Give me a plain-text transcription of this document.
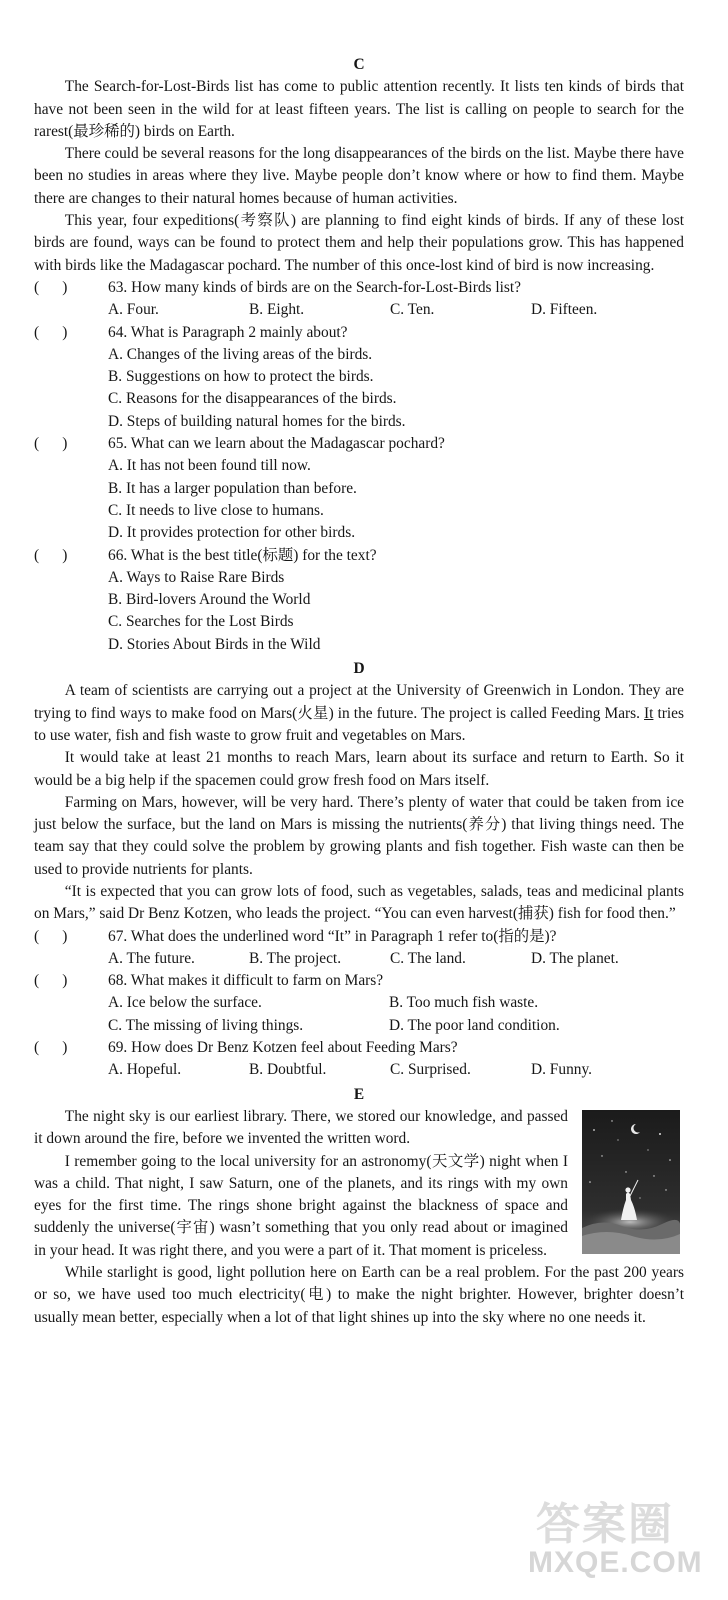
C

The Search-for-Lost-Birds list has come to public attention recently. It lists ten kinds of birds that have not been seen in the wild for at least fifteen years. The list is calling on people to search for the rarest(最珍稀的) birds on Earth.

There could be several reasons for the long disappearances of the birds on the list. Maybe there have been no studies in areas where they live. Maybe people don’t know where or how to find them. Maybe there are changes to their natural homes because of human activities.

This year, four expeditions(考察队) are planning to find eight kinds of birds. If any of these lost birds are found, ways can be found to protect them and help their populations grow. This has happened with birds like the Madagascar pochard. The number of this once-lost kind of bird is now increasing.

(      )	63. How many kinds of birds are on the Search-for-Lost-Birds list?
A. Four.	B. Eight.	C. Ten.	D. Fifteen.
(      )	64. What is Paragraph 2 mainly about?
A. Changes of the living areas of the birds.
B. Suggestions on how to protect the birds.
C. Reasons for the disappearances of the birds.
D. Steps of building natural homes for the birds.
(      )	65. What can we learn about the Madagascar pochard?
A. It has not been found till now.
B. It has a larger population than before.
C. It needs to live close to humans.
D. It provides protection for other birds.
(      )	66. What is the best title(标题) for the text?
A. Ways to Raise Rare Birds
B. Bird-lovers Around the World
C. Searches for the Lost Birds
D. Stories About Birds in the Wild
D

A team of scientists are carrying out a project at the University of Greenwich in London. They are trying to find ways to make food on Mars(火星) in the future. The project is called Feeding Mars. It tries to use water, fish and fish waste to grow fruit and vegetables on Mars.

It would take at least 21 months to reach Mars, learn about its surface and return to Earth. So it would be a big help if the spacemen could grow fresh food on Mars itself.

Farming on Mars, however, will be very hard. There’s plenty of water that could be taken from ice just below the surface, but the land on Mars is missing the nutrients(养分) that living things need. The team say that they could solve the problem by growing plants and fish together. Fish waste can then be used to provide nutrients for plants.

“It is expected that you can grow lots of food, such as vegetables, salads, teas and medicinal plants on Mars,” said Dr Benz Kotzen, who leads the project. “You can even harvest(捕获) fish for food then.”

(      )	67. What does the underlined word “It” in Paragraph 1 refer to(指的是)?
A. The future.	B. The project.	C. The land.	D. The planet.
(      )	68. What makes it difficult to farm on Mars?
A. Ice below the surface.	B. Too much fish waste.
C. The missing of living things.	D. The poor land condition.
(      )	69. How does Dr Benz Kotzen feel about Feeding Mars?
A. Hopeful.	B. Doubtful.	C. Surprised.	D. Funny.
E

The night sky is our earliest library. There, we stored our knowledge, and passed it down around the fire, before we invented the written word.

I remember going to the local university for an astronomy(天文学) night when I was a child. That night, I saw Saturn, one of the planets, and its rings with my own eyes for the first time. The rings shone bright against the blackness of space and suddenly the universe(宇宙) wasn’t something that you only read about or imagined in your head. It was right there, and you were a part of it. That moment is priceless.

While starlight is good, light pollution here on Earth can be a real problem. For the past 200 years or so, we have used too much electricity(电) to make the night brighter. However, brighter doesn’t usually mean better, especially when a lot of that light shines up into the sky where no one needs it.

答案圈
MXQE.COM
